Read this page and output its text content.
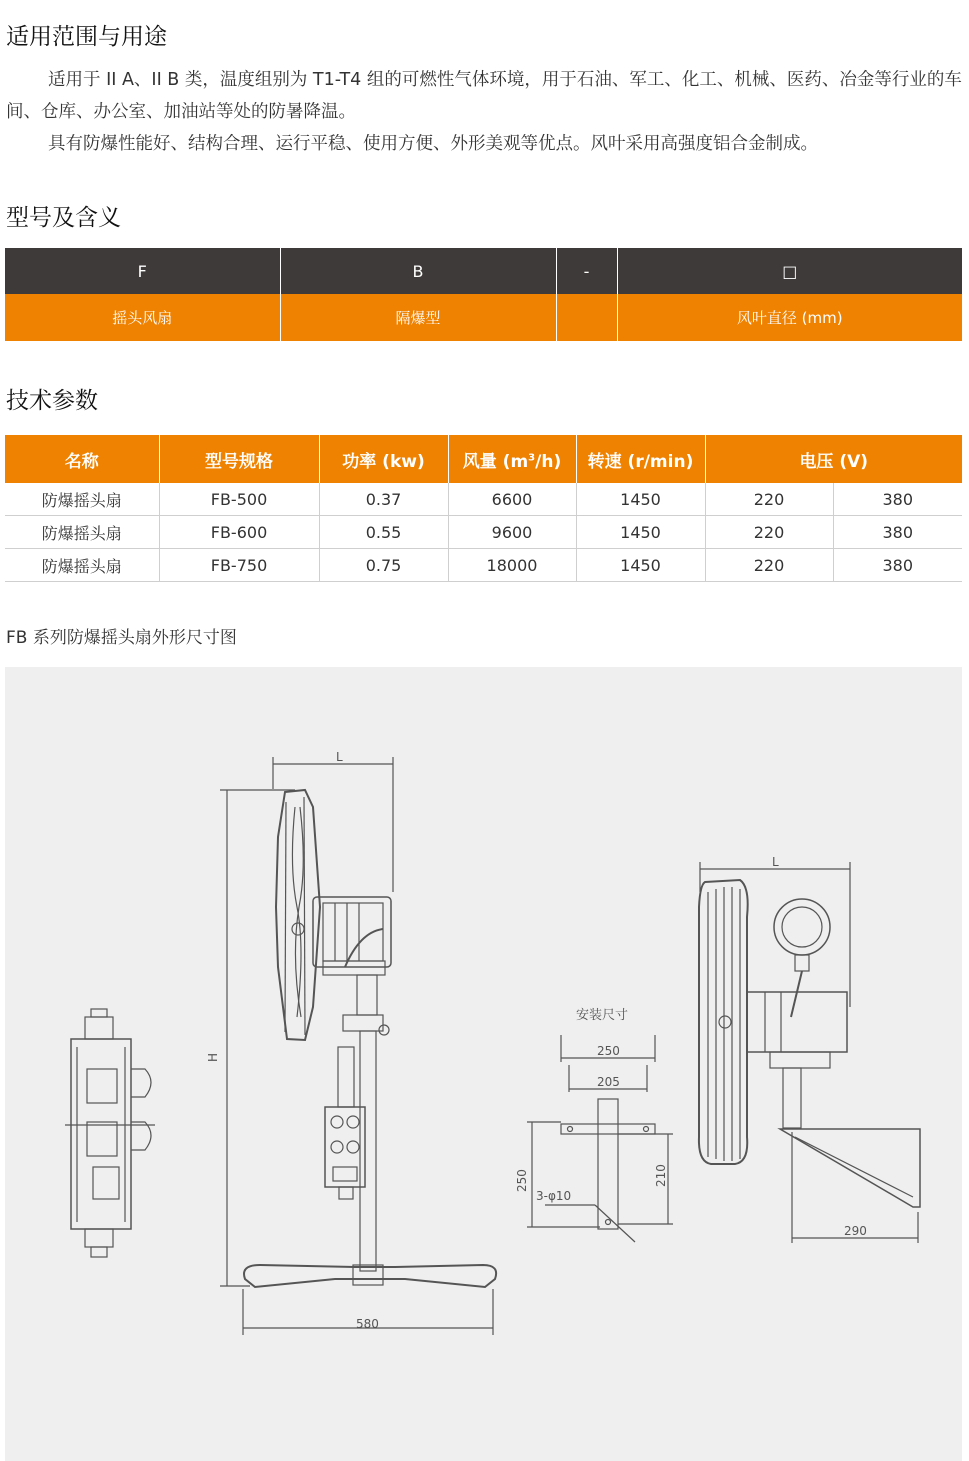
适用范围与用途

适用于 II A、II B 类，温度组别为 T1-T4 组的可燃性气体环境，用于石油、军工、化工、机械、医药、冶金等行业的车间、仓库、办公室、加油站等处的防暑降温。

具有防爆性能好、结构合理、运行平稳、使用方便、外形美观等优点。风叶采用高强度铝合金制成。

型号及含义
F	B	-	□
摇头风扇	隔爆型		风叶直径 (mm)
技术参数
名称	型号规格	功率 (kw)	风量 $(m^3/h)$	转速 (r/min)	电压 (V)	
防爆摇头扇	FB-500	0.37	6600	1450	220	380
防爆摇头扇	FB-600	0.55	9600	1450	220	380
防爆摇头扇	FB-750	0.75	18000	1450	220	380

FB 系列防爆摇头扇外形尺寸图

L
H
580
安装尺寸
250
205
250	210
3-φ10
L
290
